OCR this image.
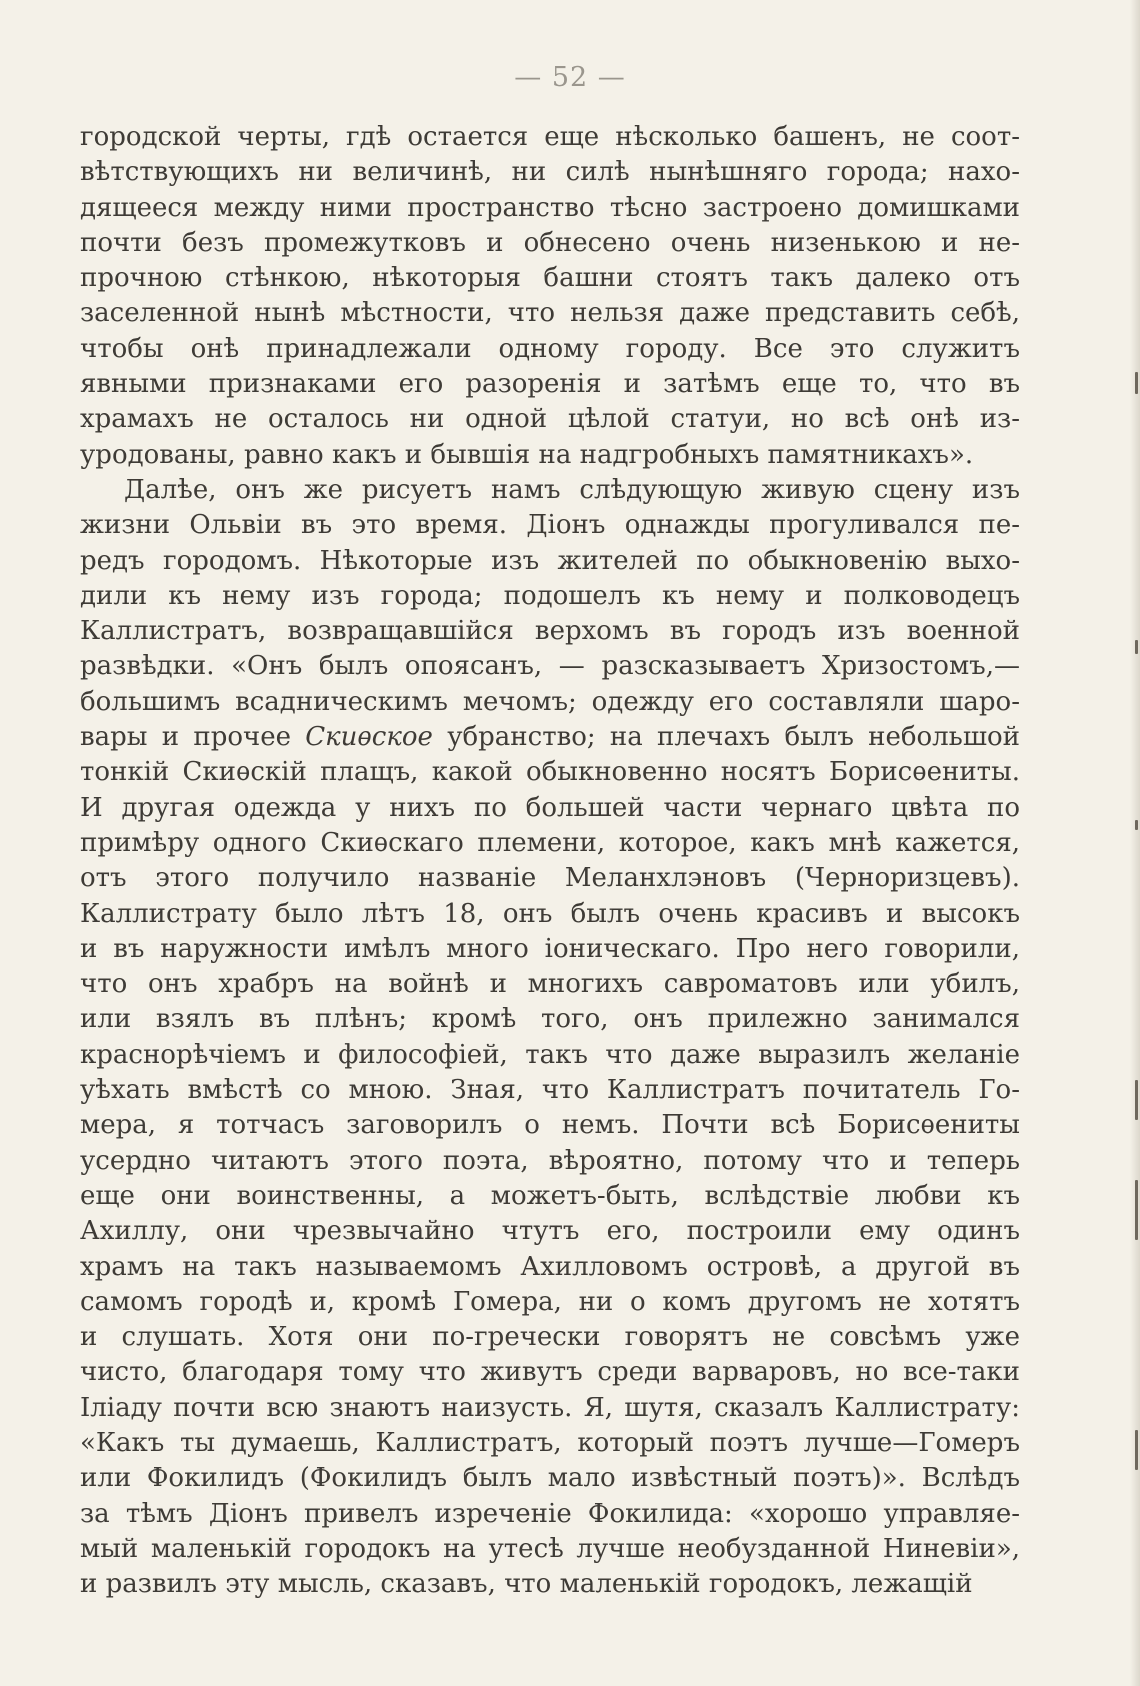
— 52 —
городской черты, гдѣ остается еще нѣсколько башенъ, не соот-
вѣтствующихъ ни величинѣ, ни силѣ нынѣшняго города; нахо-
дящееся между ними пространство тѣсно застроено домишками
почти безъ промежутковъ и обнесено очень низенькою и не-
прочною стѣнкою, нѣкоторыя башни стоятъ такъ далеко отъ
заселенной нынѣ мѣстности, что нельзя даже представить себѣ,
чтобы онѣ принадлежали одному городу. Все это служитъ
явными признаками его разоренія и затѣмъ еще то, что въ
храмахъ не осталось ни одной цѣлой статуи, но всѣ онѣ из-
уродованы, равно какъ и бывшія на надгробныхъ памятникахъ».
Далѣе, онъ же рисуетъ намъ слѣдующую живую сцену изъ
жизни Ольвіи въ это время. Діонъ однажды прогуливался пе-
редъ городомъ. Нѣкоторые изъ жителей по обыкновенію выхо-
дили къ нему изъ города; подошелъ къ нему и полководецъ
Каллистратъ, возвращавшійся верхомъ въ городъ изъ военной
развѣдки. «Онъ былъ опоясанъ, — разсказываетъ Хризостомъ,—
большимъ всадническимъ мечомъ; одежду его составляли шаро-
вары и прочее Скиѳское убранство; на плечахъ былъ небольшой
тонкій Скиѳскій плащъ, какой обыкновенно носятъ Борисѳениты.
И другая одежда у нихъ по большей части чернаго цвѣта по
примѣру одного Скиѳскаго племени, которое, какъ мнѣ кажется,
отъ этого получило названіе Меланхлэновъ (Черноризцевъ).
Каллистрату было лѣтъ 18, онъ былъ очень красивъ и высокъ
и въ наружности имѣлъ много іоническаго. Про него говорили,
что онъ храбръ на войнѣ и многихъ савроматовъ или убилъ,
или взялъ въ плѣнъ; кромѣ того, онъ прилежно занимался
краснорѣчіемъ и философіей, такъ что даже выразилъ желаніе
уѣхать вмѣстѣ со мною. Зная, что Каллистратъ почитатель Го-
мера, я тотчасъ заговорилъ о немъ. Почти всѣ Борисѳениты
усердно читаютъ этого поэта, вѣроятно, потому что и теперь
еще они воинственны, а можетъ-быть, вслѣдствіе любви къ
Ахиллу, они чрезвычайно чтутъ его, построили ему одинъ
храмъ на такъ называемомъ Ахилловомъ островѣ, а другой въ
самомъ городѣ и, кромѣ Гомера, ни о комъ другомъ не хотятъ
и слушать. Хотя они по-гречески говорятъ не совсѣмъ уже
чисто, благодаря тому что живутъ среди варваровъ, но все-таки
Іліаду почти всю знаютъ наизусть. Я, шутя, сказалъ Каллистрату:
«Какъ ты думаешь, Каллистратъ, который поэтъ лучше—Гомеръ
или Фокилидъ (Фокилидъ былъ мало извѣстный поэтъ)». Вслѣдъ
за тѣмъ Діонъ привелъ изреченіе Фокилида: «хорошо управляе-
мый маленькій городокъ на утесѣ лучше необузданной Ниневіи»,
и развилъ эту мысль, сказавъ, что маленькій городокъ, лежащій
